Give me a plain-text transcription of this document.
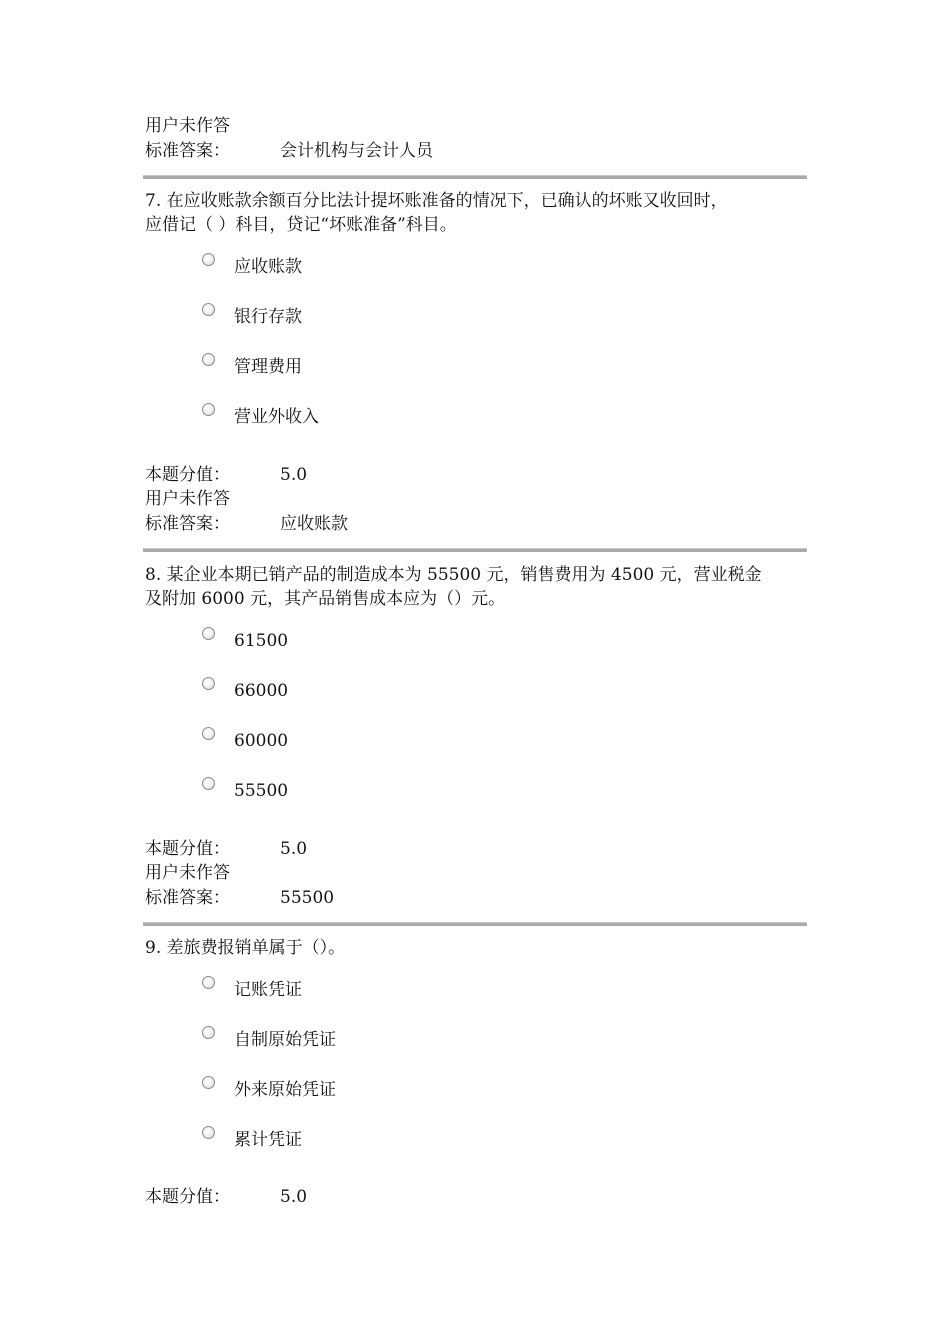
用户未作答
标准答案：	会计机构与会计人员
7. 在应收账款余额百分比法计提坏账准备的情况下，已确认的坏账又收回时，
应借记（ ）科目，贷记“坏账准备”科目。
应收账款
银行存款
管理费用
营业外收入
本题分值：	5.0
用户未作答
标准答案：	应收账款
8. 某企业本期已销产品的制造成本为 55500 元，销售费用为 4500 元，营业税金
及附加 6000 元，其产品销售成本应为（）元。
61500
66000
60000
55500
本题分值：	5.0
用户未作答
标准答案：	55500
9. 差旅费报销单属于（）。
记账凭证
自制原始凭证
外来原始凭证
累计凭证
本题分值：	5.0
